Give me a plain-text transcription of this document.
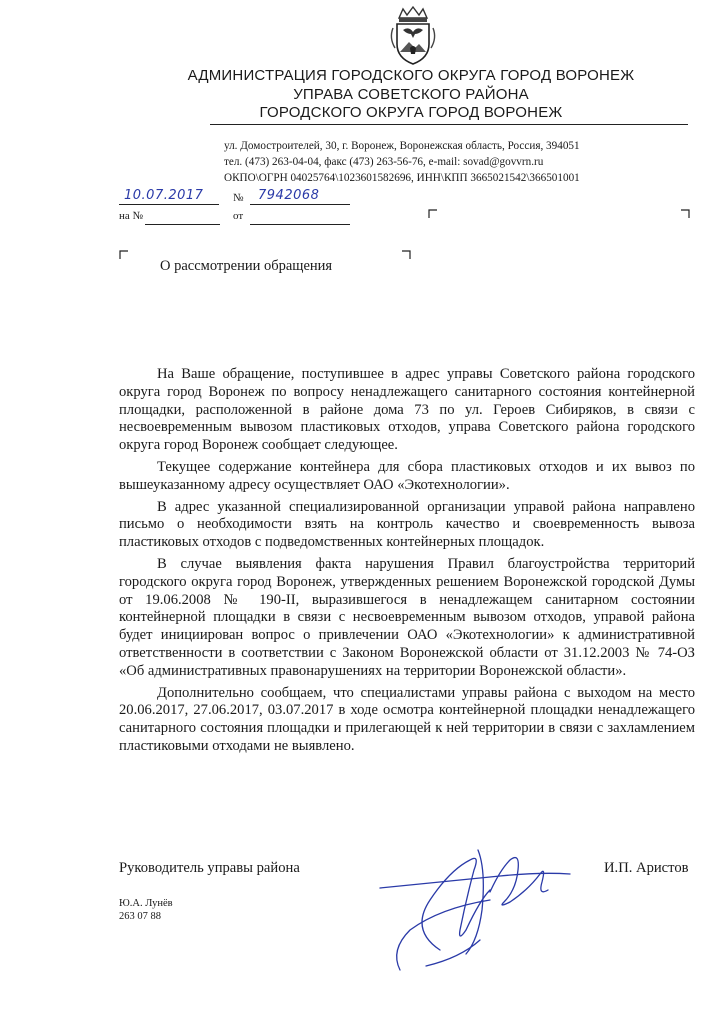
АДМИНИСТРАЦИЯ ГОРОДСКОГО ОКРУГА ГОРОД ВОРОНЕЖ
УПРАВА СОВЕТСКОГО РАЙОНА
ГОРОДСКОГО ОКРУГА ГОРОД ВОРОНЕЖ
ул. Домостроителей, 30, г. Воронеж, Воронежская область, Россия, 394051
тел. (473) 263-04-04, факс (473) 263-56-76, e-mail: sovad@govvrn.ru
ОКПО\ОГРН 04025764\1023601582696, ИНН\КПП 3665021542\366501001
10.07.2017	№ 7942068
на №	от
О рассмотрении обращения

На Ваше обращение, поступившее в адрес управы Советского района городского округа город Воронеж по вопросу ненадлежащего санитарного состояния контейнерной площадки, расположенной в районе дома 73 по ул. Героев Сибиряков, в связи с несвоевременным вывозом пластиковых отходов, управа Советского района городского округа город Воронеж сообщает следующее.

Текущее содержание контейнера для сбора пластиковых отходов и их вывоз по вышеуказанному адресу осуществляет ОАО «Экотехнологии».

В адрес указанной специализированной организации управой района направлено письмо о необходимости взять на контроль качество и своевременность вывоза пластиковых отходов с подведомственных контейнерных площадок.

В случае выявления факта нарушения Правил благоустройства территорий городского округа город Воронеж, утвержденных решением Воронежской городской Думы от 19.06.2008 № 190-II, выразившегося в ненадлежащем санитарном состоянии контейнерной площадки в связи с несвоевременным вывозом отходов, управой района будет инициирован вопрос о привлечении ОАО «Экотехнологии» к административной ответственности в соответствии с Законом Воронежской области от 31.12.2003 № 74-ОЗ «Об административных правонарушениях на территории Воронежской области».

Дополнительно сообщаем, что специалистами управы района с выходом на место 20.06.2017, 27.06.2017, 03.07.2017 в ходе осмотра контейнерной площадки ненадлежащего санитарного состояния площадки и прилегающей к ней территории в связи с захламлением пластиковыми отходами не выявлено.

Руководитель управы района	И.П. Аристов
Ю.А. Лунёв
263 07 88
